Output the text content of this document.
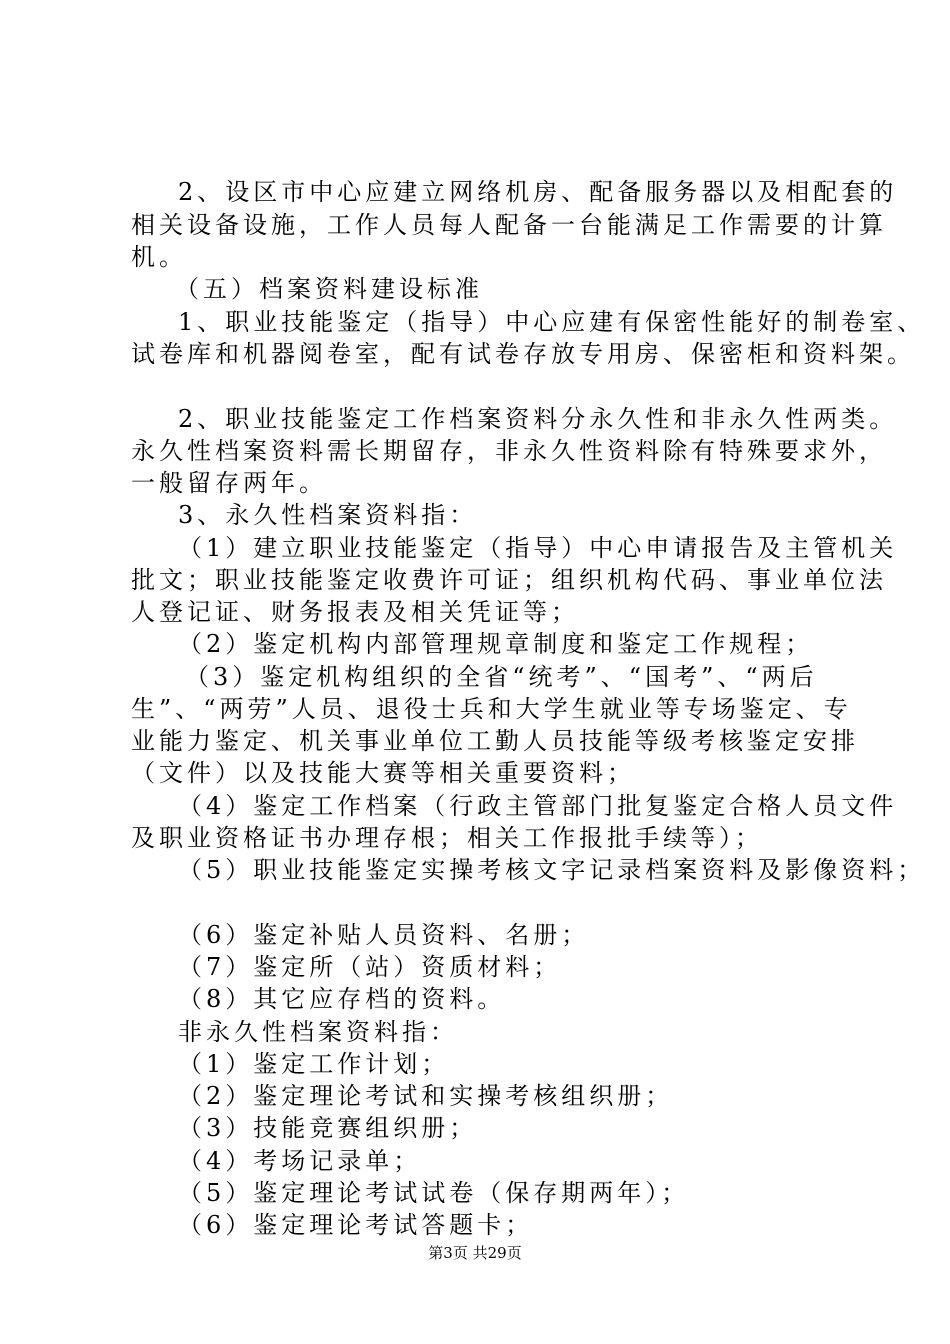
2、设区市中心应建立网络机房、配备服务器以及相配套的

相关设备设施，工作人员每人配备一台能满足工作需要的计算

机。

（五）档案资料建设标准

1、职业技能鉴定（指导）中心应建有保密性能好的制卷室、

试卷库和机器阅卷室，配有试卷存放专用房、保密柜和资料架。

2、职业技能鉴定工作档案资料分永久性和非永久性两类。

永久性档案资料需长期留存，非永久性资料除有特殊要求外，

一般留存两年。

3、永久性档案资料指：

（1）建立职业技能鉴定（指导）中心申请报告及主管机关

批文；职业技能鉴定收费许可证；组织机构代码、事业单位法

人登记证、财务报表及相关凭证等；

（2）鉴定机构内部管理规章制度和鉴定工作规程；

（3）鉴定机构组织的全省“统考”、“国考”、“两后

生”、“两劳”人员、退役士兵和大学生就业等专场鉴定、专

业能力鉴定、机关事业单位工勤人员技能等级考核鉴定安排

（文件）以及技能大赛等相关重要资料；

（4）鉴定工作档案（行政主管部门批复鉴定合格人员文件

及职业资格证书办理存根；相关工作报批手续等）；

（5）职业技能鉴定实操考核文字记录档案资料及影像资料；

（6）鉴定补贴人员资料、名册；

（7）鉴定所（站）资质材料；

（8）其它应存档的资料。

非永久性档案资料指：

（1）鉴定工作计划；

（2）鉴定理论考试和实操考核组织册；

（3）技能竞赛组织册；

（4）考场记录单；

（5）鉴定理论考试试卷（保存期两年）；

（6）鉴定理论考试答题卡；

第3页 共29页
